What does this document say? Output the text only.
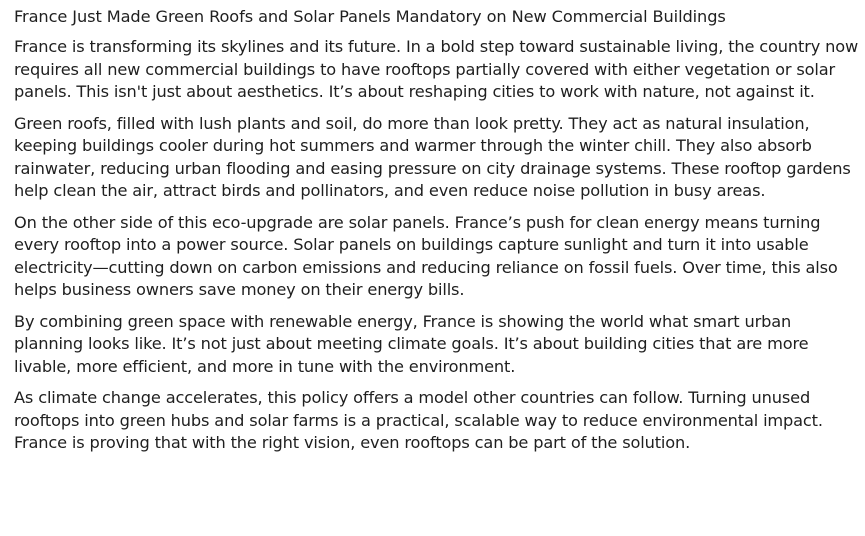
France Just Made Green Roofs and Solar Panels Mandatory on New Commercial Buildings

France is transforming its skylines and its future. In a bold step toward sustainable living, the country now requires all new commercial buildings to have rooftops partially covered with either vegetation or solar panels. This isn't just about aesthetics. It’s about reshaping cities to work with nature, not against it.

Green roofs, filled with lush plants and soil, do more than look pretty. They act as natural insulation, keeping buildings cooler during hot summers and warmer through the winter chill. They also absorb rainwater, reducing urban flooding and easing pressure on city drainage systems. These rooftop gardens help clean the air, attract birds and pollinators, and even reduce noise pollution in busy areas.

On the other side of this eco-upgrade are solar panels. France’s push for clean energy means turning every rooftop into a power source. Solar panels on buildings capture sunlight and turn it into usable electricity—cutting down on carbon emissions and reducing reliance on fossil fuels. Over time, this also helps business owners save money on their energy bills.

By combining green space with renewable energy, France is showing the world what smart urban planning looks like. It’s not just about meeting climate goals. It’s about building cities that are more livable, more efficient, and more in tune with the environment.

As climate change accelerates, this policy offers a model other countries can follow. Turning unused rooftops into green hubs and solar farms is a practical, scalable way to reduce environmental impact. France is proving that with the right vision, even rooftops can be part of the solution.
